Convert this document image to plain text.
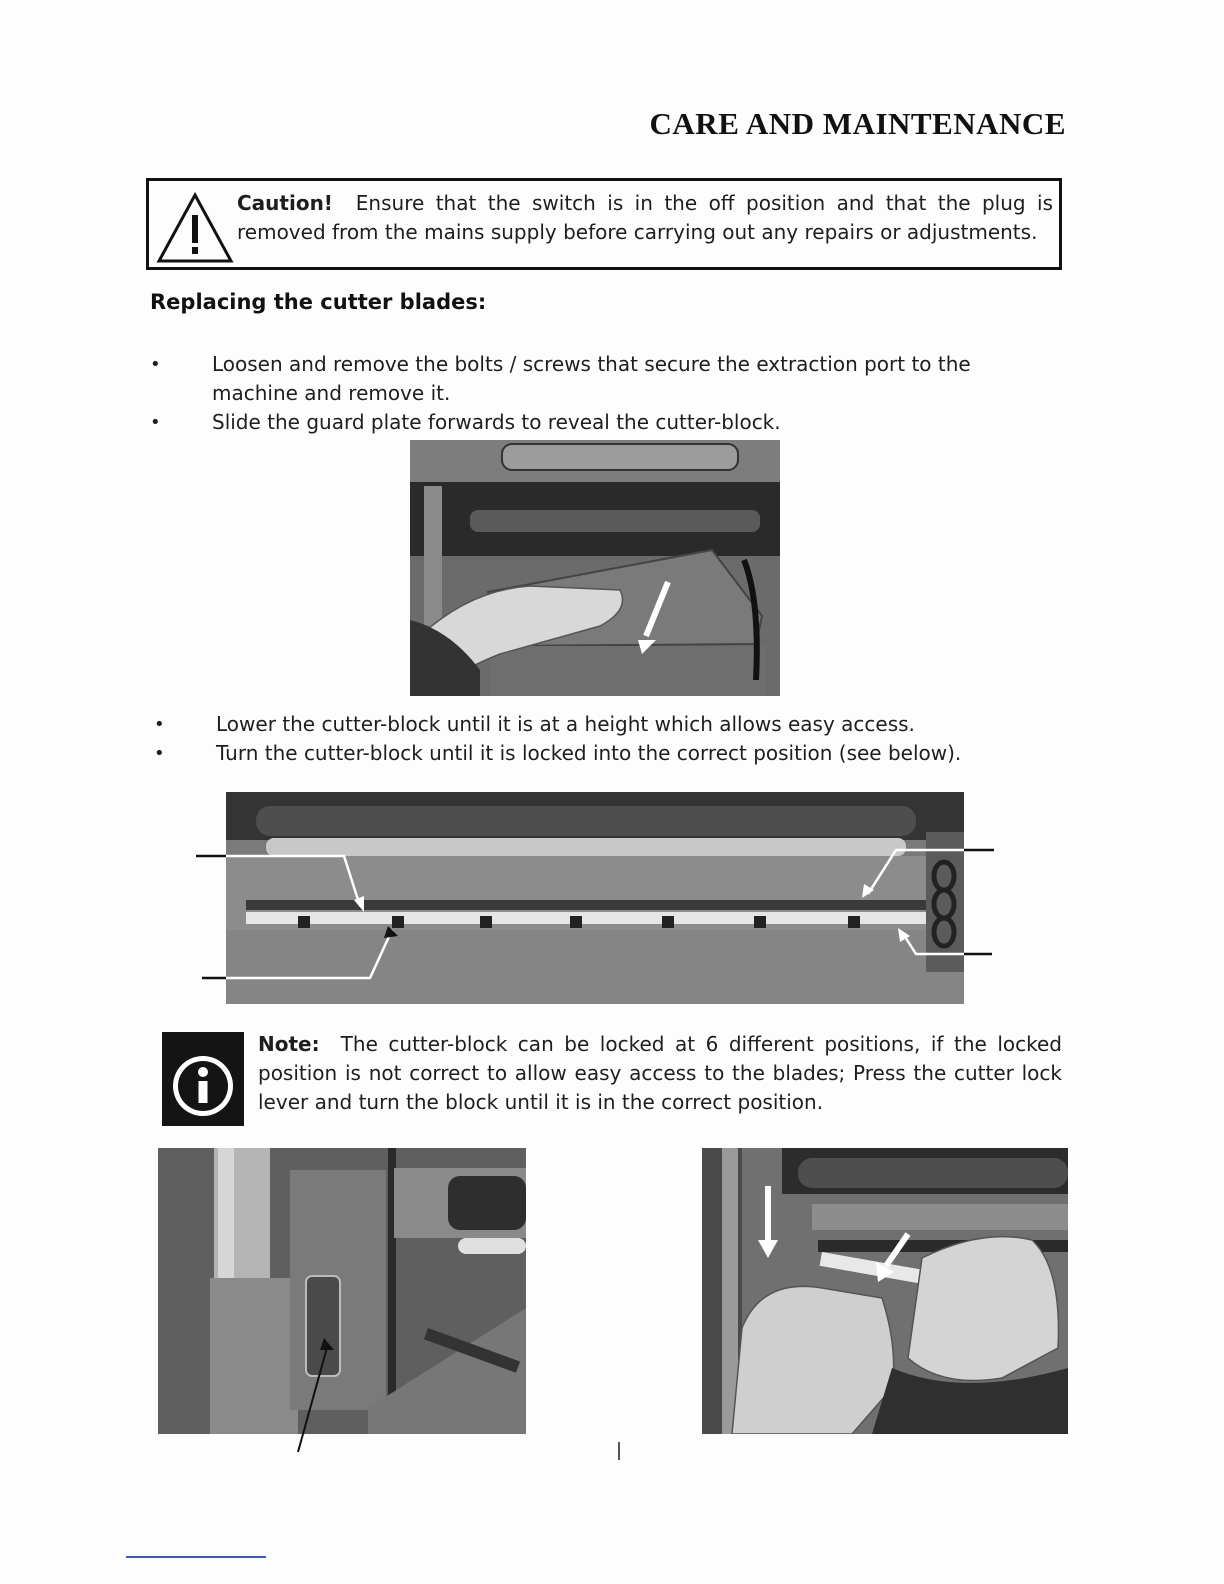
CARE AND MAINTENANCE
Caution! Ensure that the switch is in the off position and that the plug is removed from the mains supply before carrying out any repairs or adjustments.
Replacing the cutter blades:
• Loosen and remove the bolts / screws that secure the extraction port to the machine and remove it.
• Slide the guard plate forwards to reveal the cutter-block.
• Lower the cutter-block until it is at a height which allows easy access.
• Turn the cutter-block until it is locked into the correct position (see below).
Note: The cutter-block can be locked at 6 different positions, if the locked position is not correct to allow easy access to the blades; Press the cutter lock lever and turn the block until it is in the correct position.
